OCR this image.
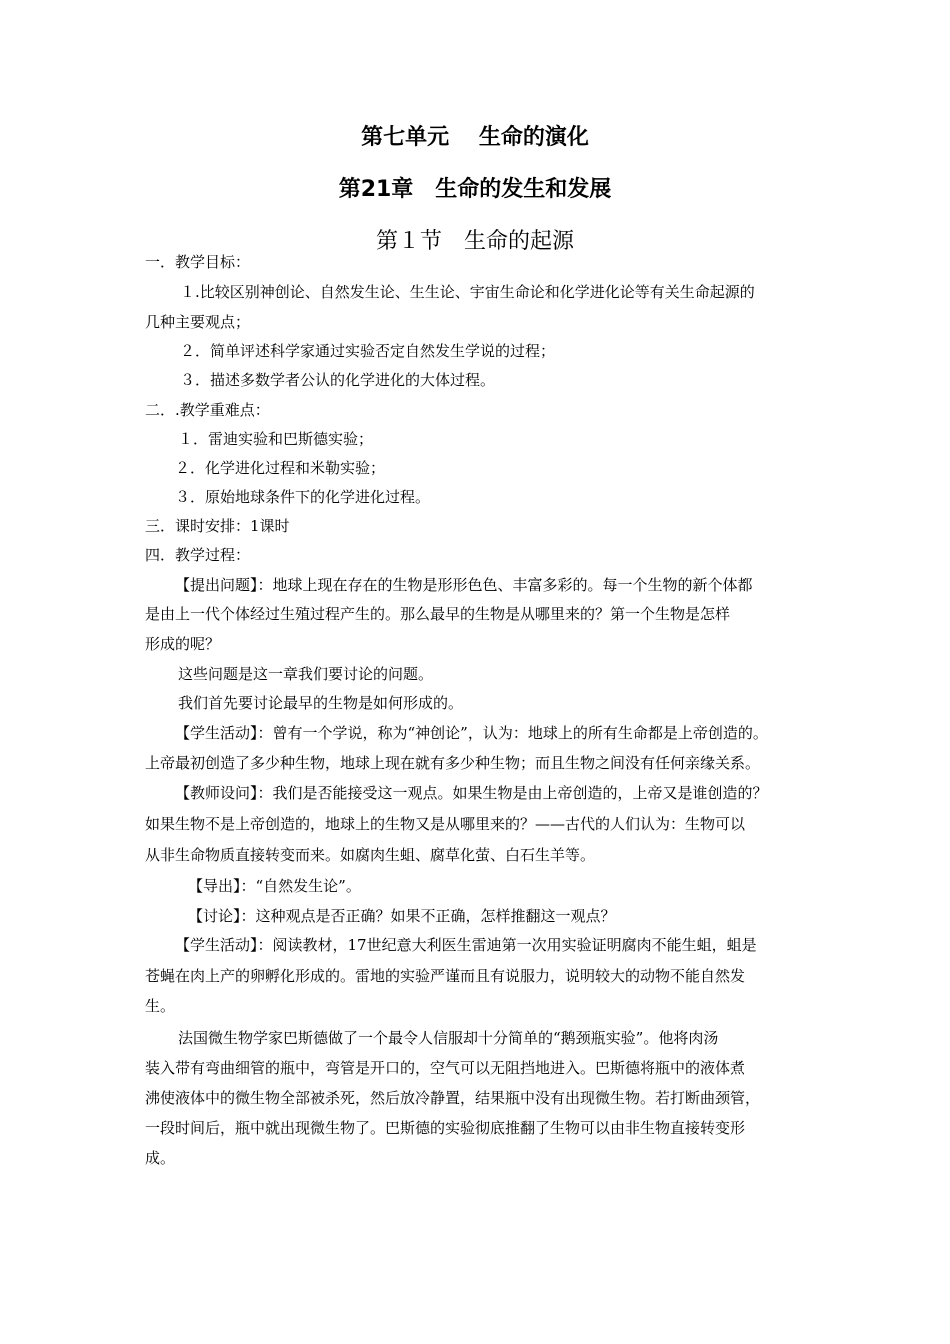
第七单元　 生命的演化
第21章　生命的发生和发展
第１节　生命的起源
一．教学目标：
１.比较区别神创论、自然发生论、生生论、宇宙生命论和化学进化论等有关生命起源的
几种主要观点；
２．简单评述科学家通过实验否定自然发生学说的过程；
３．描述多数学者公认的化学进化的大体过程。
二．.教学重难点：
１．雷迪实验和巴斯德实验；
２．化学进化过程和米勒实验；
３．原始地球条件下的化学进化过程。
三．课时安排：1课时
四．教学过程：
【提出问题】：地球上现在存在的生物是形形色色、丰富多彩的。每一个生物的新个体都
是由上一代个体经过生殖过程产生的。那么最早的生物是从哪里来的？第一个生物是怎样
形成的呢？
这些问题是这一章我们要讨论的问题。
我们首先要讨论最早的生物是如何形成的。
【学生活动】：曾有一个学说，称为“神创论”，认为：地球上的所有生命都是上帝创造的。
上帝最初创造了多少种生物，地球上现在就有多少种生物；而且生物之间没有任何亲缘关系。
【教师设问】：我们是否能接受这一观点。如果生物是由上帝创造的，上帝又是谁创造的？
如果生物不是上帝创造的，地球上的生物又是从哪里来的？——古代的人们认为：生物可以
从非生命物质直接转变而来。如腐肉生蛆、腐草化萤、白石生羊等。
【导出】：“自然发生论”。
【讨论】：这种观点是否正确？如果不正确，怎样推翻这一观点？
【学生活动】：阅读教材，17世纪意大利医生雷迪第一次用实验证明腐肉不能生蛆，蛆是
苍蝇在肉上产的卵孵化形成的。雷地的实验严谨而且有说服力，说明较大的动物不能自然发
生。
法国微生物学家巴斯德做了一个最令人信服却十分简单的“鹅颈瓶实验”。他将肉汤
装入带有弯曲细管的瓶中，弯管是开口的，空气可以无阻挡地进入。巴斯德将瓶中的液体煮
沸使液体中的微生物全部被杀死，然后放冷静置，结果瓶中没有出现微生物。若打断曲颈管，
一段时间后，瓶中就出现微生物了。巴斯德的实验彻底推翻了生物可以由非生物直接转变形
成。
